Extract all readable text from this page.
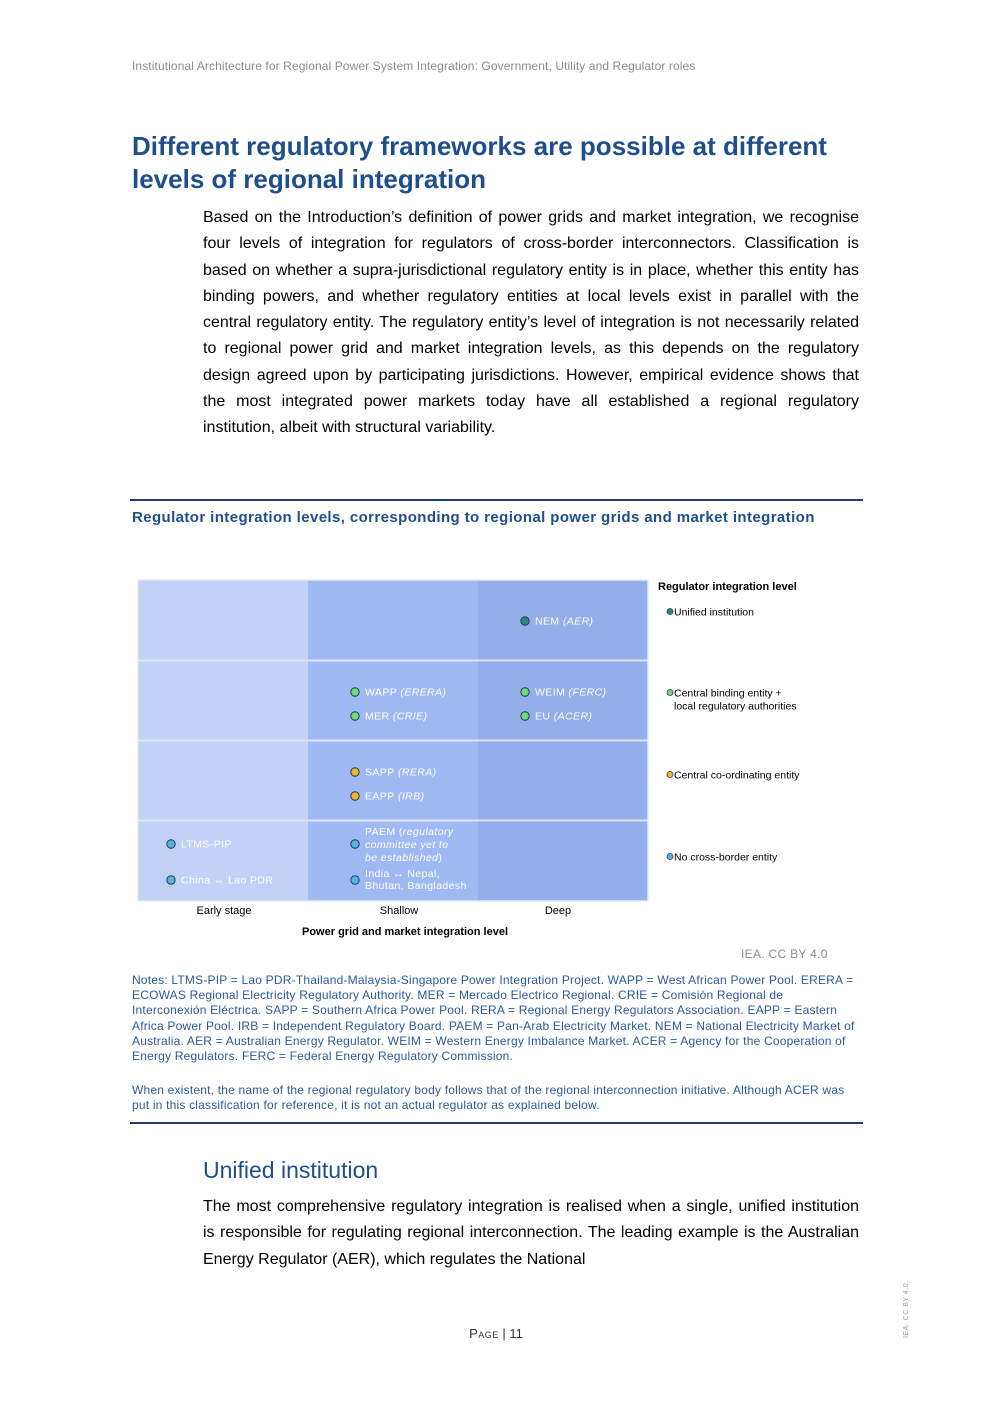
Institutional Architecture for Regional Power System Integration: Government, Utility and Regulator roles
Different regulatory frameworks are possible at different levels of regional integration
Based on the Introduction’s definition of power grids and market integration, we recognise four levels of integration for regulators of cross-border interconnectors. Classification is based on whether a supra-jurisdictional regulatory entity is in place, whether this entity has binding powers, and whether regulatory entities at local levels exist in parallel with the central regulatory entity. The regulatory entity’s level of integration is not necessarily related to regional power grid and market integration levels, as this depends on the regulatory design agreed upon by participating jurisdictions. However, empirical evidence shows that the most integrated power markets today have all established a regional regulatory institution, albeit with structural variability.
Regulator integration levels, corresponding to regional power grids and market integration
NEM (AER)
WAPP (ERERA)
MER (CRIE)
WEIM (FERC)
EU (ACER)
SAPP (RERA)
EAPP (IRB)
LTMS-PIP
China ↔ Lao PDR
PAEM (regulatory committee yet to be established)
India ↔ Nepal, Bhutan, Bangladesh
Early stage	Shallow	Deep
Power grid and market integration level
Regulator integration level
Unified institution
Central binding entity +
local regulatory authorities
Central co-ordinating entity
No cross-border entity
IEA. CC BY 4.0
Notes: LTMS-PIP = Lao PDR-Thailand-Malaysia-Singapore Power Integration Project. WAPP = West African Power Pool. ERERA = ECOWAS Regional Electricity Regulatory Authority. MER = Mercado Electrico Regional. CRIE = Comisión Regional de Interconexión Eléctrica. SAPP = Southern Africa Power Pool. RERA = Regional Energy Regulators Association. EAPP = Eastern Africa Power Pool. IRB = Independent Regulatory Board. PAEM = Pan-Arab Electricity Market. NEM = National Electricity Market of Australia. AER = Australian Energy Regulator. WEIM = Western Energy Imbalance Market. ACER = Agency for the Cooperation of Energy Regulators. FERC = Federal Energy Regulatory Commission.
When existent, the name of the regional regulatory body follows that of the regional interconnection initiative. Although ACER was put in this classification for reference, it is not an actual regulator as explained below.
Unified institution
The most comprehensive regulatory integration is realised when a single, unified institution is responsible for regulating regional interconnection. The leading example is the Australian Energy Regulator (AER), which regulates the National
Page | 11	IEA. CC BY 4.0.
